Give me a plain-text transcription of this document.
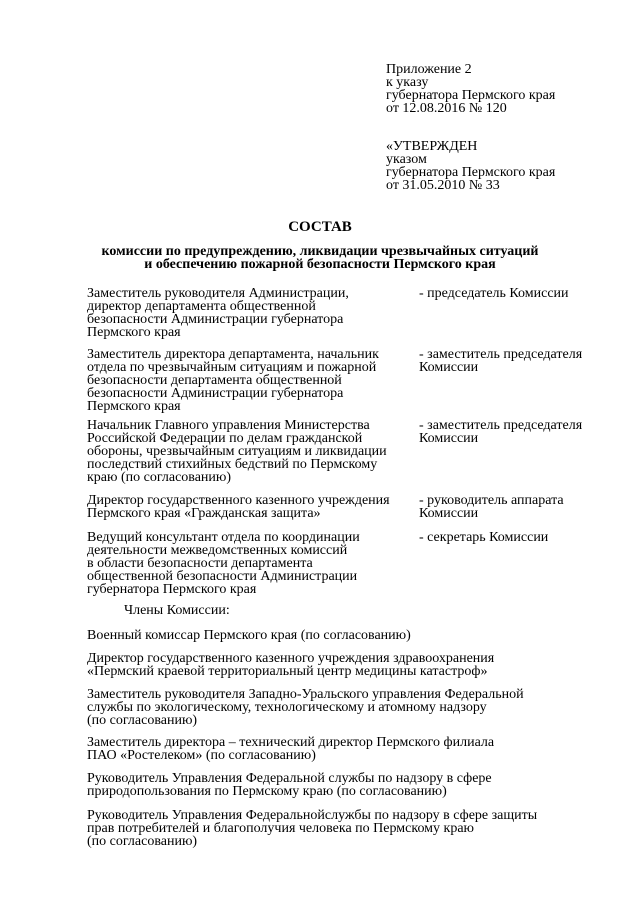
Приложение 2
к указу
губернатора Пермского края
от 12.08.2016 № 120
«УТВЕРЖДЕН
указом
губернатора Пермского края
от 31.05.2010 № 33
СОСТАВ
комиссии по предупреждению, ликвидации чрезвычайных ситуаций
и обеспечению пожарной безопасности Пермского края
Заместитель руководителя Администрации,
директор департамента общественной
безопасности Администрации губернатора
Пермского края
- председатель Комиссии
Заместитель директора департамента, начальник
отдела по чрезвычайным ситуациям и пожарной
безопасности департамента общественной
безопасности Администрации губернатора
Пермского края
- заместитель председателя
Комиссии
Начальник Главного управления Министерства
Российской Федерации по делам гражданской
обороны, чрезвычайным ситуациям и ликвидации
последствий стихийных бедствий по Пермскому
краю (по согласованию)
- заместитель председателя
Комиссии
Директор государственного казенного учреждения
Пермского края «Гражданская защита»
- руководитель аппарата
Комиссии
Ведущий консультант отдела по координации
деятельности межведомственных комиссий
в области безопасности департамента
общественной безопасности Администрации
губернатора Пермского края
- секретарь Комиссии
Члены Комиссии:
Военный комиссар Пермского края (по согласованию)
Директор государственного казенного учреждения здравоохранения
«Пермский краевой территориальный центр медицины катастроф»
Заместитель руководителя Западно-Уральского управления Федеральной
службы по экологическому, технологическому и атомному надзору
(по согласованию)
Заместитель директора – технический директор Пермского филиала
ПАО «Ростелеком» (по согласованию)
Руководитель Управления Федеральной службы по надзору в сфере
природопользования по Пермскому краю (по согласованию)
Руководитель Управления Федеральнойслужбы по надзору в сфере защиты
прав потребителей и благополучия человека по Пермскому краю
(по согласованию)
